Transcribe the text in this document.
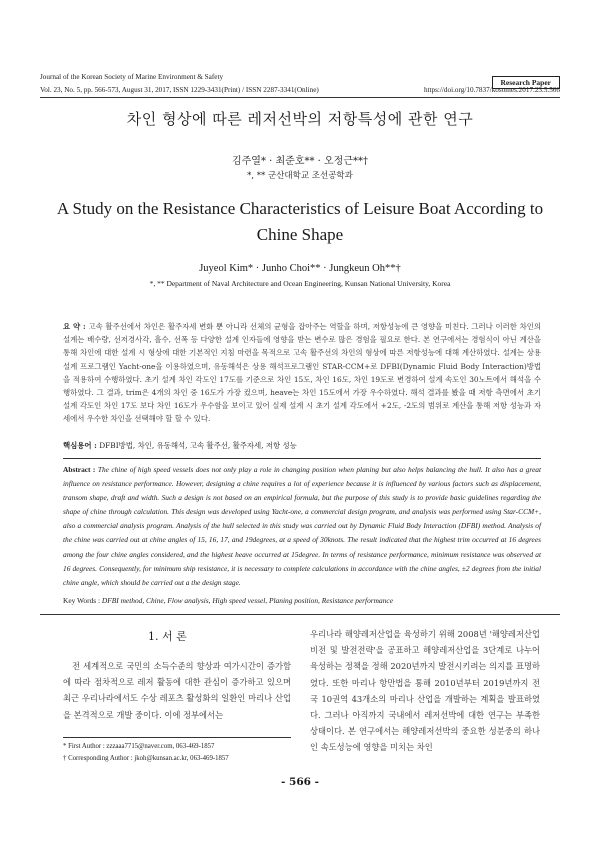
Journal of the Korean Society of Marine Environment & Safety
Research Paper
Vol. 23, No. 5, pp. 566-573, August 31, 2017, ISSN 1229-3431(Print) / ISSN 2287-3341(Online)	https://doi.org/10.7837/kosomes.2017.23.5.566
차인 형상에 따른 레저선박의 저항특성에 관한 연구
김주열* · 최준호** · 오정근**†
*, ** 군산대학교 조선공학과
A Study on the Resistance Characteristics of Leisure Boat According to
Chine Shape
Juyeol Kim* · Junho Choi** · Jungkeun Oh**†
*, ** Department of Naval Architecture and Ocean Engineering, Kunsan National University, Korea
요 약 : 고속 활주선에서 차인은 활주자세 변화 뿐 아니라 선체의 균형을 잡아주는 역할을 하며, 저항성능에 큰 영향을 미친다. 그러나 이러한 차인의 설계는 배수량, 선저경사각, 흘수, 선폭 등 다양한 설계 인자들에 영향을 받는 변수로 많은 경험을 필요로 한다. 본 연구에서는 경험식이 아닌 계산을 통해 차인에 대한 설계 시 형상에 대한 기본적인 지침 마련을 목적으로 고속 활주선의 차인의 형상에 따른 저항성능에 대해 계산하였다. 설계는 상용 설계 프로그램인 Yacht-one을 이용하였으며, 유동해석은 상용 해석프로그램인 STAR-CCM+로 DFBI(Dynamic Fluid Body Interaction)방법을 적용하여 수행하였다. 초기 설계 차인 각도인 17도를 기준으로 차인 15도, 차인 16도, 차인 19도로 변경하여 설계 속도인 30노트에서 해석을 수행하였다. 그 결과, trim은 4개의 차인 중 16도가 가장 컸으며, heave는 차인 15도에서 가장 우수하였다. 해석 결과를 봤을 때 저항 측면에서 초기 설계 각도인 차인 17도 보다 차인 16도가 우수함을 보이고 있어 실제 설계 시 초기 설계 각도에서 +2도, -2도의 범위로 계산을 통해 저항 성능과 자세에서 우수한 차인을 선택해야 할 할 수 있다.
핵심용어 : DFBI방법, 차인, 유동해석, 고속 활주선, 활주자세, 저항 성능
Abstract : The chine of high speed vessels does not only play a role in changing position when planing but also helps balancing the hull. It also has a great influence on resistance performance. However, designing a chine requires a lot of experience because it is influenced by various factors such as displacement, transom shape, draft and width. Such a design is not based on an empirical formula, but the purpose of this study is to provide basic guidelines regarding the shape of chine through calculation. This design was developed using Yacht-one, a commercial design program, and analysis was performed using Star-CCM+, also a commercial analysis program. Analysis of the hull selected in this study was carried out by Dynamic Fluid Body Interaction (DFBI) method. Analysis of the chine was carried out at chine angles of 15, 16, 17, and 19degrees, at a speed of 30knots. The result indicated that the highest trim occurred at 16 degrees among the four chine angles considered, and the highest heave occurred at 15degree. In terms of resistance performance, minimum resistance was observed at 16 degrees. Consequently, for minimum ship resistance, it is necessary to complete calculations in accordance with the chine angles, ±2 degrees from the initial chine angle, which should be carried out a the design stage.
Key Words : DFBI method, Chine, Flow analysis, High speed vessel, Planing position, Resistance performance
1. 서 론
전 세계적으로 국민의 소득수준의 향상과 여가시간이 증가함에 따라 점차적으로 레저 활동에 대한 관심이 증가하고 있으며 최근 우리나라에서도 수상 레포츠 활성화의 일환인 마리나 산업을 본격적으로 개발 중이다. 이에 정부에서는
* First Author : zzzaaa7715@naver.com, 063-469-1857
† Corresponding Author : jkoh@kunsan.ac.kr, 063-469-1857
우리나라 해양레저산업을 육성하기 위해 2008년 '해양레저산업 비전 및 발전전략'을 공표하고 해양레저산업을 3단계로 나누어 육성하는 정책을 정해 2020년까지 발전시키려는 의지를 표명하였다. 또한 마리나 항만법을 통해 2010년부터 2019년까지 전국 10권역 43개소의 마리나 산업을 개발하는 계획을 발표하였다. 그러나 아직까지 국내에서 레저선박에 대한 연구는 부족한 상태이다. 본 연구에서는 해양레저선박의 중요한 성분중의 하나인 속도성능에 영향을 미치는 차인
- 566 -
